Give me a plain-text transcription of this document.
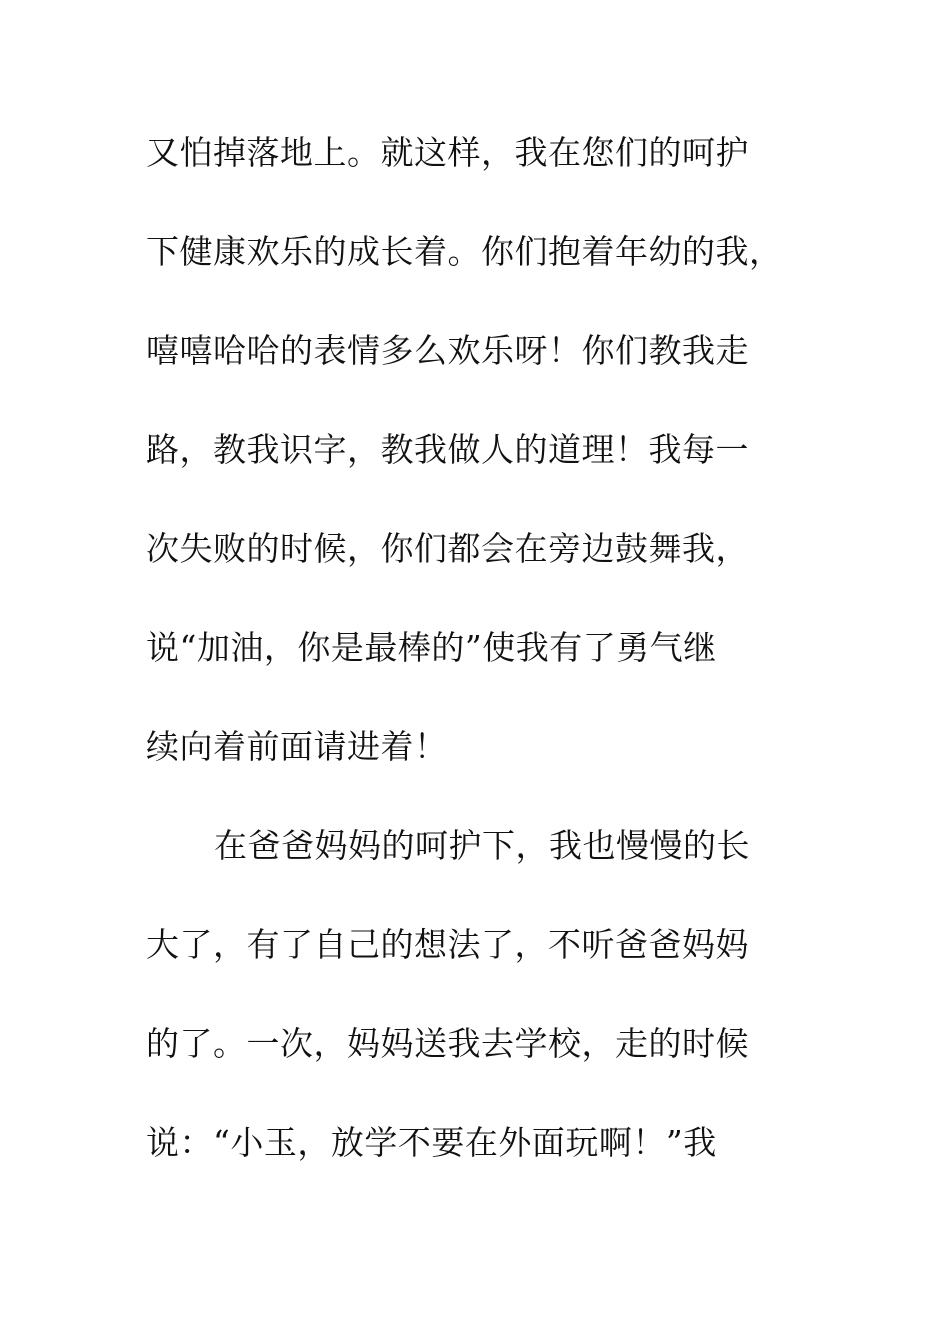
又怕掉落地上。就这样，我在您们的呵护
下健康欢乐的成长着。你们抱着年幼的我，
嘻嘻哈哈的表情多么欢乐呀！你们教我走
路，教我识字，教我做人的道理！我每一
次失败的时候，你们都会在旁边鼓舞我，
说“加油，你是最棒的”使我有了勇气继
续向着前面请进着！
在爸爸妈妈的呵护下，我也慢慢的长
大了，有了自己的想法了，不听爸爸妈妈
的了。一次，妈妈送我去学校，走的时候
说：“小玉，放学不要在外面玩啊！”我
